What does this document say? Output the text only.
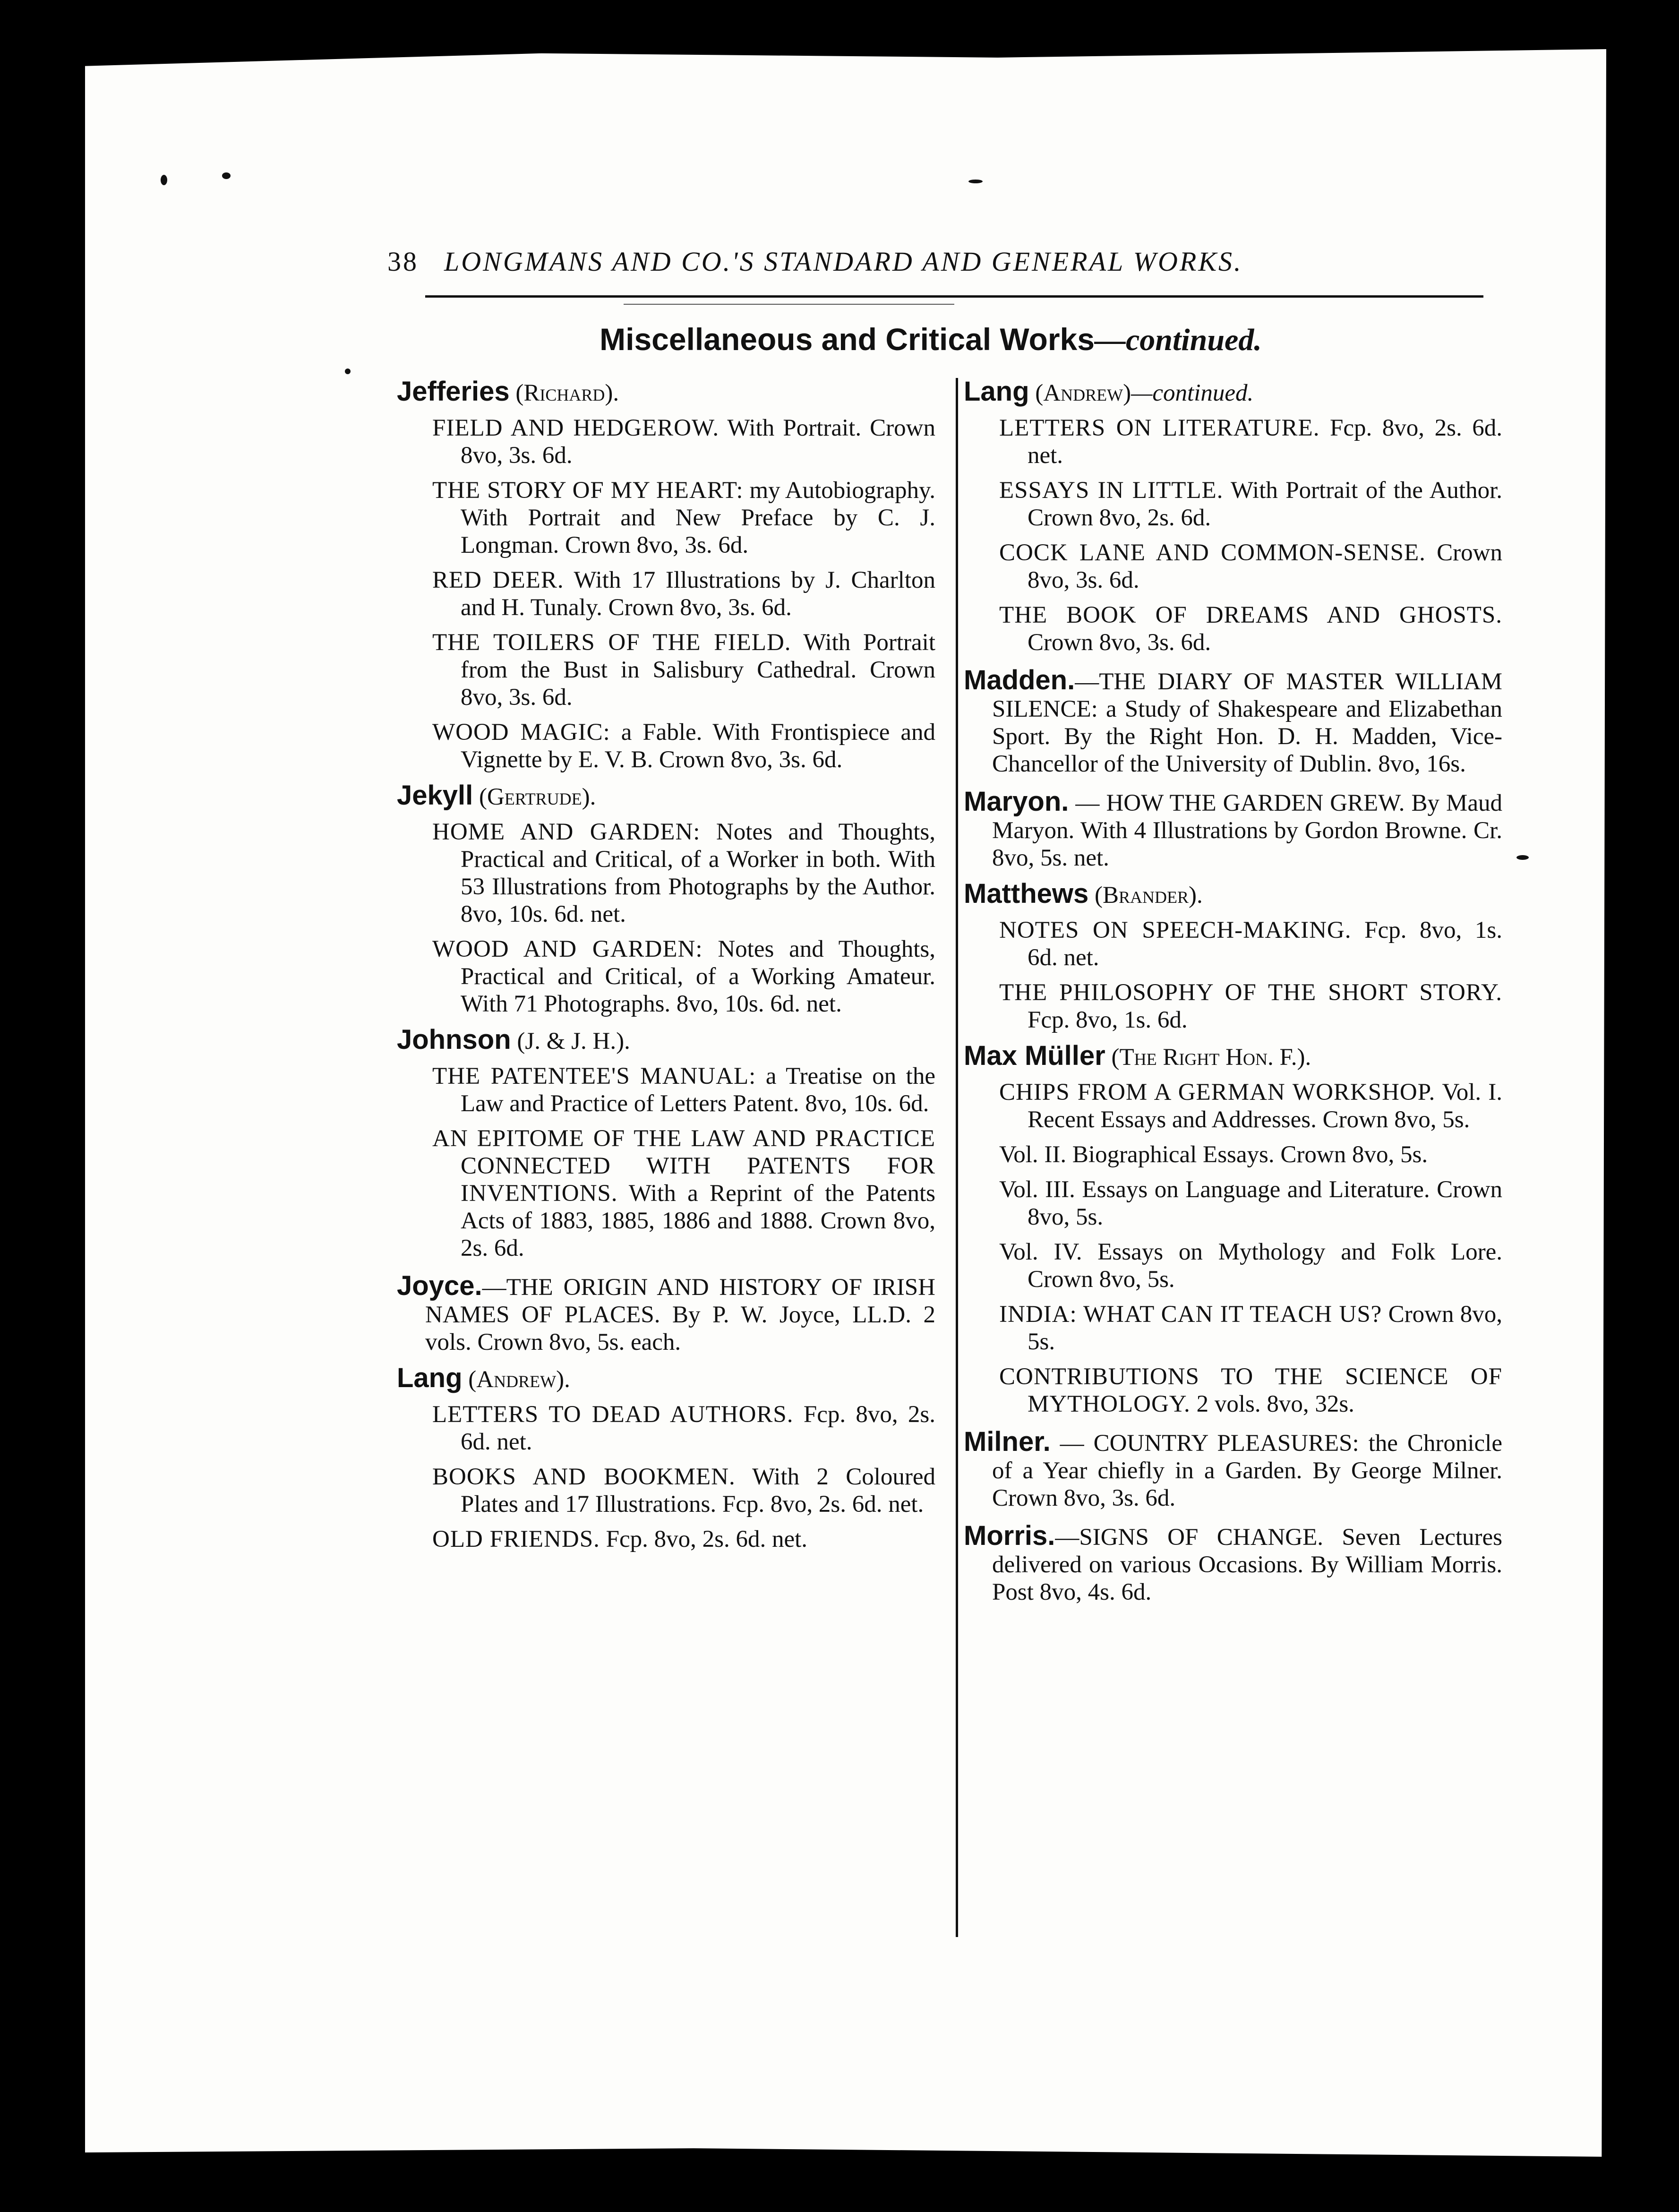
38 LONGMANS AND CO.'S STANDARD AND GENERAL WORKS.
Miscellaneous and Critical Works—continued.
Jefferies (Richard).
FIELD AND HEDGEROW. With Portrait. Crown 8vo, 3s. 6d.
THE STORY OF MY HEART: my Autobiography. With Portrait and New Preface by C. J. Longman. Crown 8vo, 3s. 6d.
RED DEER. With 17 Illustrations by J. Charlton and H. Tunaly. Crown 8vo, 3s. 6d.
THE TOILERS OF THE FIELD. With Portrait from the Bust in Salisbury Cathedral. Crown 8vo, 3s. 6d.
WOOD MAGIC: a Fable. With Frontispiece and Vignette by E. V. B. Crown 8vo, 3s. 6d.
Jekyll (Gertrude).
HOME AND GARDEN: Notes and Thoughts, Practical and Critical, of a Worker in both. With 53 Illustrations from Photographs by the Author. 8vo, 10s. 6d. net.
WOOD AND GARDEN: Notes and Thoughts, Practical and Critical, of a Working Amateur. With 71 Photographs. 8vo, 10s. 6d. net.
Johnson (J. & J. H.).
THE PATENTEE'S MANUAL: a Treatise on the Law and Practice of Letters Patent. 8vo, 10s. 6d.
AN EPITOME OF THE LAW AND PRACTICE CONNECTED WITH PATENTS FOR INVENTIONS. With a Reprint of the Patents Acts of 1883, 1885, 1886 and 1888. Crown 8vo, 2s. 6d.
Joyce.—THE ORIGIN AND HISTORY OF IRISH NAMES OF PLACES. By P. W. Joyce, LL.D. 2 vols. Crown 8vo, 5s. each.
Lang (Andrew).
LETTERS TO DEAD AUTHORS. Fcp. 8vo, 2s. 6d. net.
BOOKS AND BOOKMEN. With 2 Coloured Plates and 17 Illustrations. Fcp. 8vo, 2s. 6d. net.
OLD FRIENDS. Fcp. 8vo, 2s. 6d. net.
Lang (Andrew)—continued.
LETTERS ON LITERATURE. Fcp. 8vo, 2s. 6d. net.
ESSAYS IN LITTLE. With Portrait of the Author. Crown 8vo, 2s. 6d.
COCK LANE AND COMMON-SENSE. Crown 8vo, 3s. 6d.
THE BOOK OF DREAMS AND GHOSTS. Crown 8vo, 3s. 6d.
Madden.—THE DIARY OF MASTER WILLIAM SILENCE: a Study of Shakespeare and Elizabethan Sport. By the Right Hon. D. H. Madden, Vice-Chancellor of the University of Dublin. 8vo, 16s.
Maryon. — HOW THE GARDEN GREW. By Maud Maryon. With 4 Illustrations by Gordon Browne. Cr. 8vo, 5s. net.
Matthews (Brander).
NOTES ON SPEECH-MAKING. Fcp. 8vo, 1s. 6d. net.
THE PHILOSOPHY OF THE SHORT STORY. Fcp. 8vo, 1s. 6d.
Max Müller (The Right Hon. F.).
CHIPS FROM A GERMAN WORKSHOP. Vol. I. Recent Essays and Addresses. Crown 8vo, 5s.
Vol. II. Biographical Essays. Crown 8vo, 5s.
Vol. III. Essays on Language and Literature. Crown 8vo, 5s.
Vol. IV. Essays on Mythology and Folk Lore. Crown 8vo, 5s.
INDIA: WHAT CAN IT TEACH US? Crown 8vo, 5s.
CONTRIBUTIONS TO THE SCIENCE OF MYTHOLOGY. 2 vols. 8vo, 32s.
Milner. — COUNTRY PLEASURES: the Chronicle of a Year chiefly in a Garden. By George Milner. Crown 8vo, 3s. 6d.
Morris.—SIGNS OF CHANGE. Seven Lectures delivered on various Occasions. By William Morris. Post 8vo, 4s. 6d.
